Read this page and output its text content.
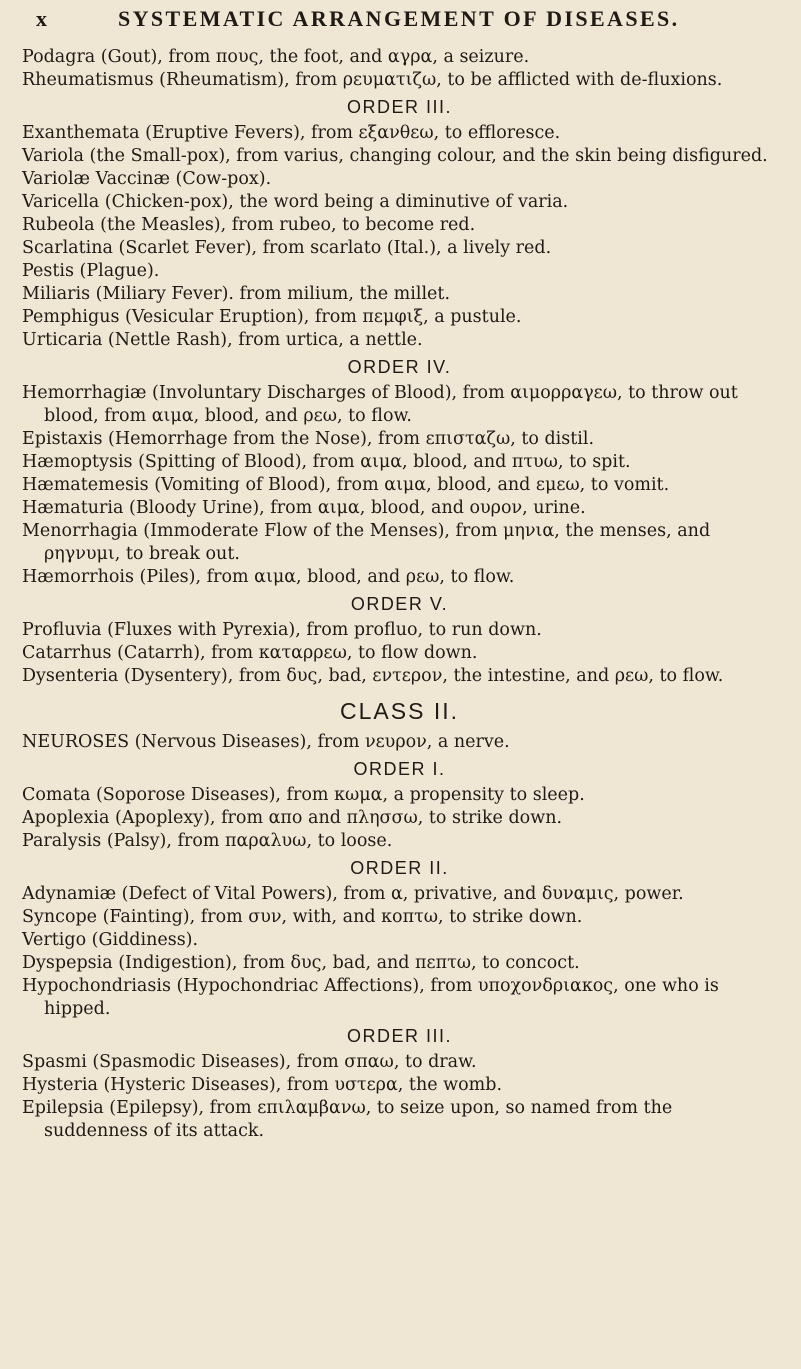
x	SYSTEMATIC ARRANGEMENT OF DISEASES.

Podagra (Gout), from πους, the foot, and αγρα, a seizure.

Rheumatismus (Rheumatism), from ρευματιζω, to be afflicted with de-fluxions.

ORDER III.

Exanthemata (Eruptive Fevers), from εξανθεω, to effloresce.

Variola (the Small-pox), from varius, changing colour, and the skin being disfigured.

Variolæ Vaccinæ (Cow-pox).

Varicella (Chicken-pox), the word being a diminutive of varia.

Rubeola (the Measles), from rubeo, to become red.

Scarlatina (Scarlet Fever), from scarlato (Ital.), a lively red.

Pestis (Plague).

Miliaris (Miliary Fever). from milium, the millet.

Pemphigus (Vesicular Eruption), from πεμφιξ, a pustule.

Urticaria (Nettle Rash), from urtica, a nettle.

ORDER IV.

Hemorrhagiæ (Involuntary Discharges of Blood), from αιμορραγεω, to throw out blood, from αιμα, blood, and ρεω, to flow.

Epistaxis (Hemorrhage from the Nose), from επισταζω, to distil.

Hæmoptysis (Spitting of Blood), from αιμα, blood, and πτυω, to spit.

Hæmatemesis (Vomiting of Blood), from αιμα, blood, and εμεω, to vomit.

Hæmaturia (Bloody Urine), from αιμα, blood, and ουρον, urine.

Menorrhagia (Immoderate Flow of the Menses), from μηνια, the menses, and ρηγνυμι, to break out.

Hæmorrhois (Piles), from αιμα, blood, and ρεω, to flow.

ORDER V.

Profluvia (Fluxes with Pyrexia), from profluo, to run down.

Catarrhus (Catarrh), from καταρρεω, to flow down.

Dysenteria (Dysentery), from δυς, bad, εντερον, the intestine, and ρεω, to flow.

CLASS II.

NEUROSES (Nervous Diseases), from νευρον, a nerve.

ORDER I.

Comata (Soporose Diseases), from κωμα, a propensity to sleep.

Apoplexia (Apoplexy), from απο and πλησσω, to strike down.

Paralysis (Palsy), from παραλυω, to loose.

ORDER II.

Adynamiæ (Defect of Vital Powers), from α, privative, and δυναμις, power.

Syncope (Fainting), from συν, with, and κοπτω, to strike down.

Vertigo (Giddiness).

Dyspepsia (Indigestion), from δυς, bad, and πεπτω, to concoct.

Hypochondriasis (Hypochondriac Affections), from υποχονδριακος, one who is hipped.

ORDER III.

Spasmi (Spasmodic Diseases), from σπαω, to draw.

Hysteria (Hysteric Diseases), from υστερα, the womb.

Epilepsia (Epilepsy), from επιλαμβανω, to seize upon, so named from the suddenness of its attack.
